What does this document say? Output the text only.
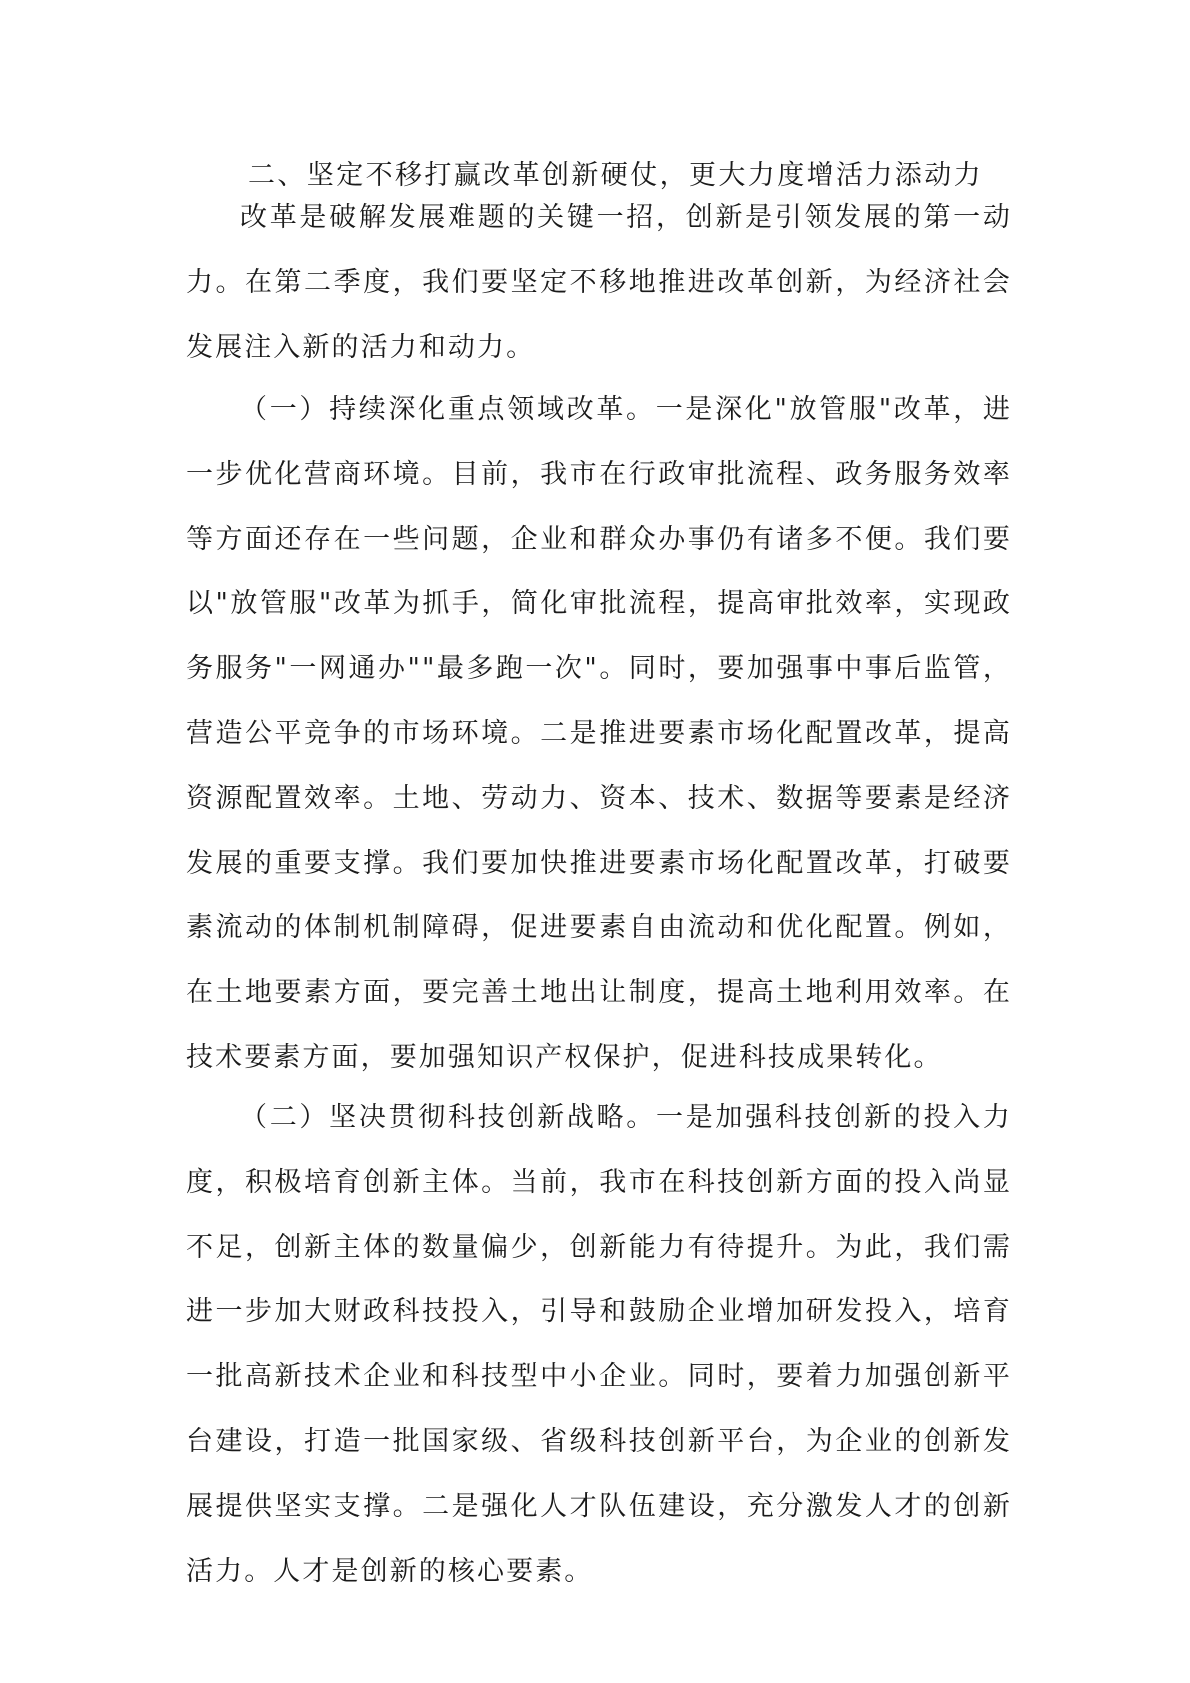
二、坚定不移打赢改革创新硬仗，更大力度增活力添动力

改革是破解发展难题的关键一招，创新是引领发展的第一动力。在第二季度，我们要坚定不移地推进改革创新，为经济社会发展注入新的活力和动力。

（一）持续深化重点领域改革。一是深化"放管服"改革，进一步优化营商环境。目前，我市在行政审批流程、政务服务效率等方面还存在一些问题，企业和群众办事仍有诸多不便。我们要以"放管服"改革为抓手，简化审批流程，提高审批效率，实现政务服务"一网通办""最多跑一次"。同时，要加强事中事后监管，营造公平竞争的市场环境。二是推进要素市场化配置改革，提高资源配置效率。土地、劳动力、资本、技术、数据等要素是经济发展的重要支撑。我们要加快推进要素市场化配置改革，打破要素流动的体制机制障碍，促进要素自由流动和优化配置。例如，在土地要素方面，要完善土地出让制度，提高土地利用效率。在技术要素方面，要加强知识产权保护，促进科技成果转化。

（二）坚决贯彻科技创新战略。一是加强科技创新的投入力度，积极培育创新主体。当前，我市在科技创新方面的投入尚显不足，创新主体的数量偏少，创新能力有待提升。为此，我们需进一步加大财政科技投入，引导和鼓励企业增加研发投入，培育一批高新技术企业和科技型中小企业。同时，要着力加强创新平台建设，打造一批国家级、省级科技创新平台，为企业的创新发展提供坚实支撑。二是强化人才队伍建设，充分激发人才的创新活力。人才是创新的核心要素。
